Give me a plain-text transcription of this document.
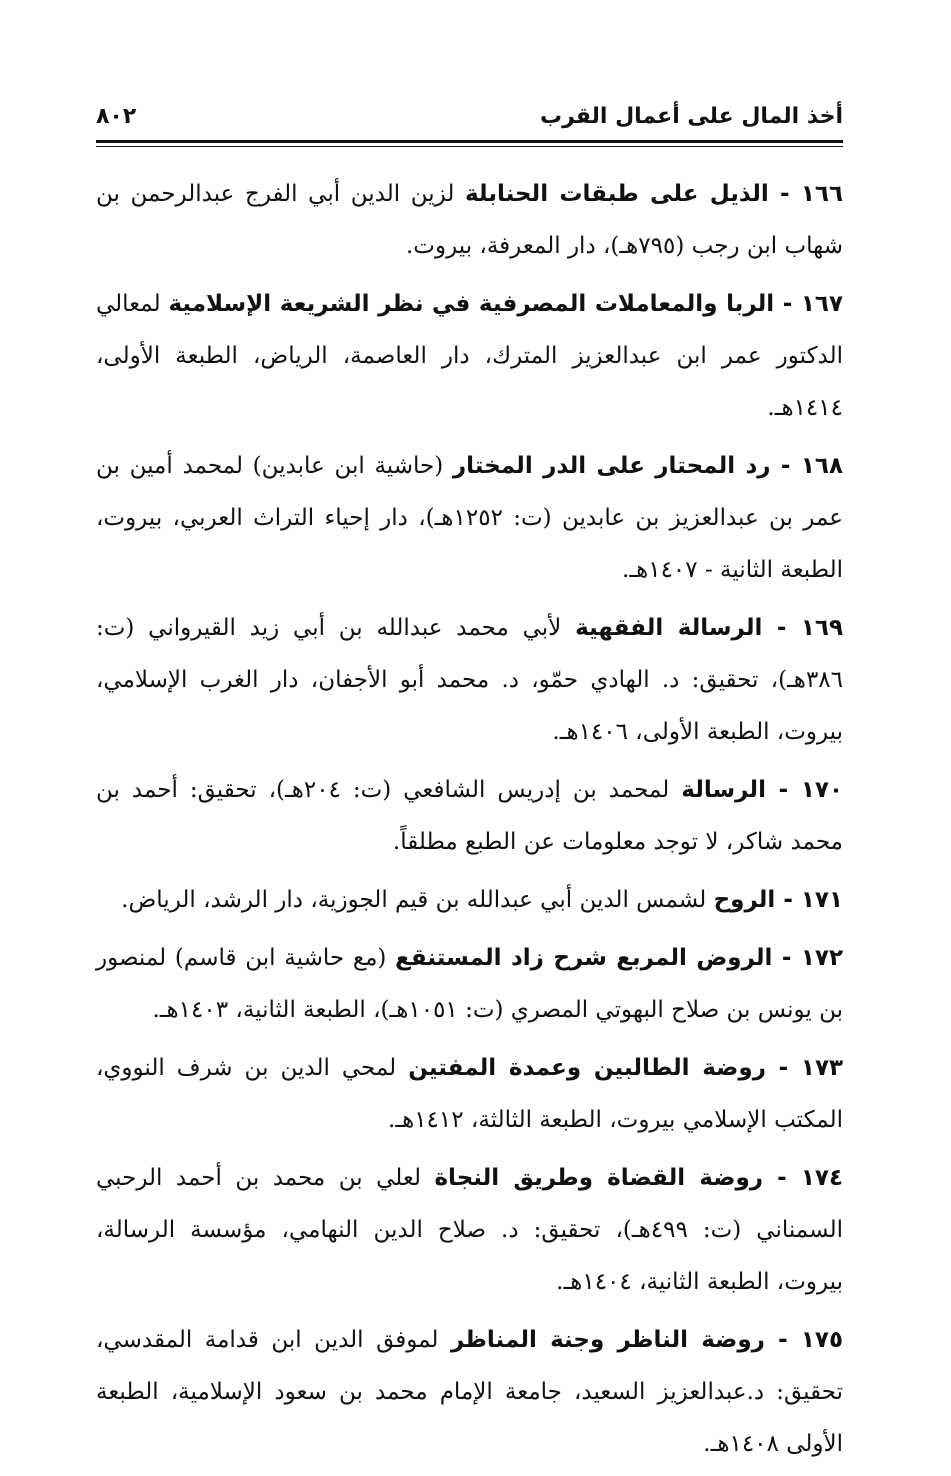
أخذ المال على أعمال القرب
٨٠٢

١٦٦ - الذيل على طبقات الحنابلة لزين الدين أبي الفرج عبدالرحمن بن شهاب ابن رجب (٧٩٥هـ)، دار المعرفة، بيروت.

١٦٧ - الربا والمعاملات المصرفية في نظر الشريعة الإسلامية لمعالي الدكتور عمر ابن عبدالعزيز المترك، دار العاصمة، الرياض، الطبعة الأولى، ١٤١٤هـ.

١٦٨ - رد المحتار على الدر المختار (حاشية ابن عابدين) لمحمد أمين بن عمر بن عبدالعزيز بن عابدين (ت: ١٢٥٢هـ)، دار إحياء التراث العربي، بيروت، الطبعة الثانية - ١٤٠٧هـ.

١٦٩ - الرسالة الفقهية لأبي محمد عبدالله بن أبي زيد القيرواني (ت: ٣٨٦هـ)، تحقيق: د. الهادي حمّو، د. محمد أبو الأجفان، دار الغرب الإسلامي، بيروت، الطبعة الأولى، ١٤٠٦هـ.

١٧٠ - الرسالة لمحمد بن إدريس الشافعي (ت: ٢٠٤هـ)، تحقيق: أحمد بن محمد شاكر، لا توجد معلومات عن الطبع مطلقاً.

١٧١ - الروح لشمس الدين أبي عبدالله بن قيم الجوزية، دار الرشد، الرياض.

١٧٢ - الروض المربع شرح زاد المستنقع (مع حاشية ابن قاسم) لمنصور بن يونس بن صلاح البهوتي المصري (ت: ١٠٥١هـ)، الطبعة الثانية، ١٤٠٣هـ.

١٧٣ - روضة الطالبين وعمدة المفتين لمحي الدين بن شرف النووي، المكتب الإسلامي بيروت، الطبعة الثالثة، ١٤١٢هـ.

١٧٤ - روضة القضاة وطريق النجاة لعلي بن محمد بن أحمد الرحبي السمناني (ت: ٤٩٩هـ)، تحقيق: د. صلاح الدين النهامي، مؤسسة الرسالة، بيروت، الطبعة الثانية، ١٤٠٤هـ.

١٧٥ - روضة الناظر وجنة المناظر لموفق الدين ابن قدامة المقدسي، تحقيق: د.عبدالعزيز السعيد، جامعة الإمام محمد بن سعود الإسلامية، الطبعة الأولى ١٤٠٨هـ.
